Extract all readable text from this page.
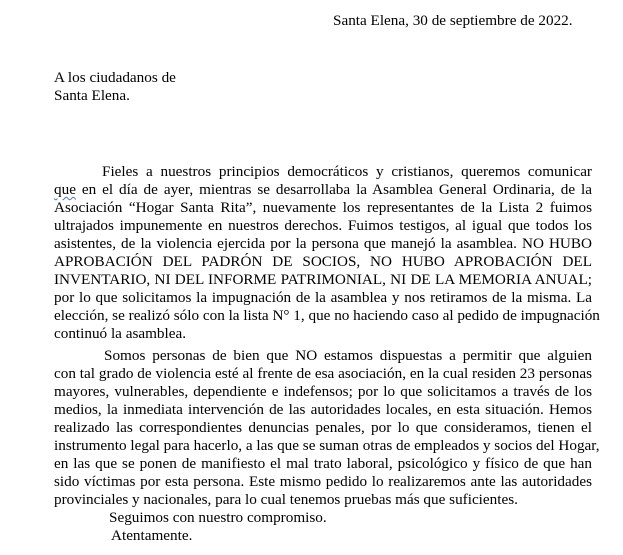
Santa Elena, 30 de septiembre de 2022.
A los ciudadanos de
Santa Elena.
Fieles a nuestros principios democráticos y cristianos, queremos comunicar
que en el día de ayer, mientras se desarrollaba la Asamblea General Ordinaria, de la
Asociación “Hogar Santa Rita”, nuevamente los representantes de la Lista 2 fuimos
ultrajados impunemente en nuestros derechos. Fuimos testigos, al igual que todos los
asistentes, de la violencia ejercida por la persona que manejó la asamblea. NO HUBO
APROBACIÓN DEL PADRÓN DE SOCIOS, NO HUBO APROBACIÓN DEL
INVENTARIO, NI DEL INFORME PATRIMONIAL, NI DE LA MEMORIA ANUAL;
por lo que solicitamos la impugnación de la asamblea y nos retiramos de la misma. La
elección, se realizó sólo con la lista N° 1, que no haciendo caso al pedido de impugnación
continuó la asamblea.
Somos personas de bien que NO estamos dispuestas a permitir que alguien
con tal grado de violencia esté al frente de esa asociación, en la cual residen 23 personas
mayores, vulnerables, dependiente e indefensos; por lo que solicitamos a través de los
medios, la inmediata intervención de las autoridades locales, en esta situación. Hemos
realizado las correspondientes denuncias penales, por lo que consideramos, tienen el
instrumento legal para hacerlo, a las que se suman otras de empleados y socios del Hogar,
en las que se ponen de manifiesto el mal trato laboral, psicológico y físico de que han
sido víctimas por esta persona. Este mismo pedido lo realizaremos ante las autoridades
provinciales y nacionales, para lo cual tenemos pruebas más que suficientes.
Seguimos con nuestro compromiso.
Atentamente.
